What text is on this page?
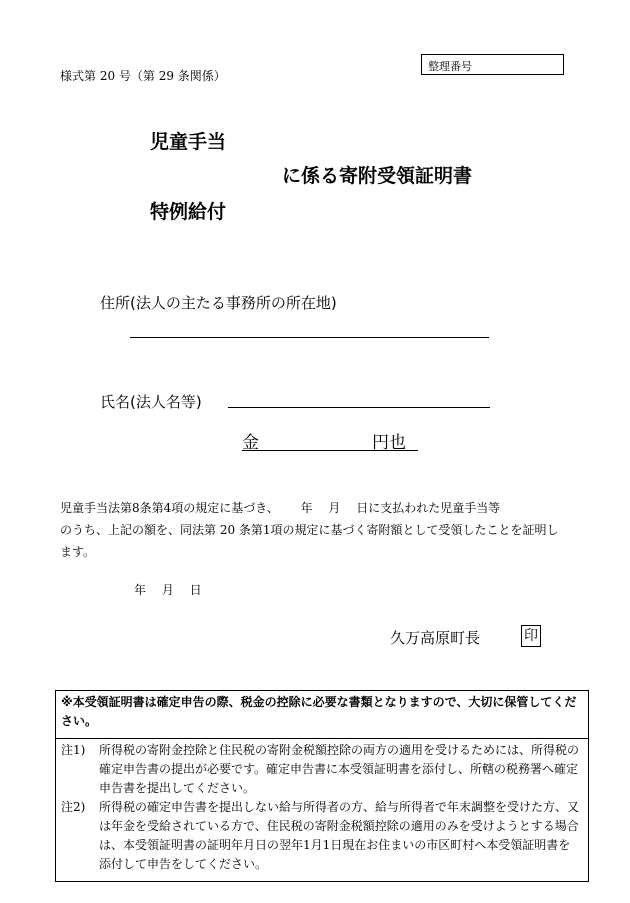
様式第 20 号（第 29 条関係）
整理番号
児童手当
に係る寄附受領証明書
特例給付
住所(法人の主たる事務所の所在地)
氏名(法人名等)
金	円也
児童手当法第8条第4項の規定に基づき、　　 年　 月　 日に支払われた児童手当等
のうち、上記の額を、同法第 20 条第1項の規定に基づく寄附額として受領したことを証明し
ます。
年 月 日
久万高原町長	印
※本受領証明書は確定申告の際、税金の控除に必要な書類となりますので、大切に保管してください。
注1)	所得税の寄附金控除と住民税の寄附金税額控除の両方の適用を受けるためには、所得税の確定申告書の提出が必要です。確定申告書に本受領証明書を添付し、所轄の税務署へ確定申告書を提出してください。
注2)	所得税の確定申告書を提出しない給与所得者の方、給与所得者で年末調整を受けた方、又は年金を受給されている方で、住民税の寄附金税額控除の適用のみを受けようとする場合は、本受領証明書の証明年月日の翌年1月1日現在お住まいの市区町村へ本受領証明書を添付して申告をしてください。
